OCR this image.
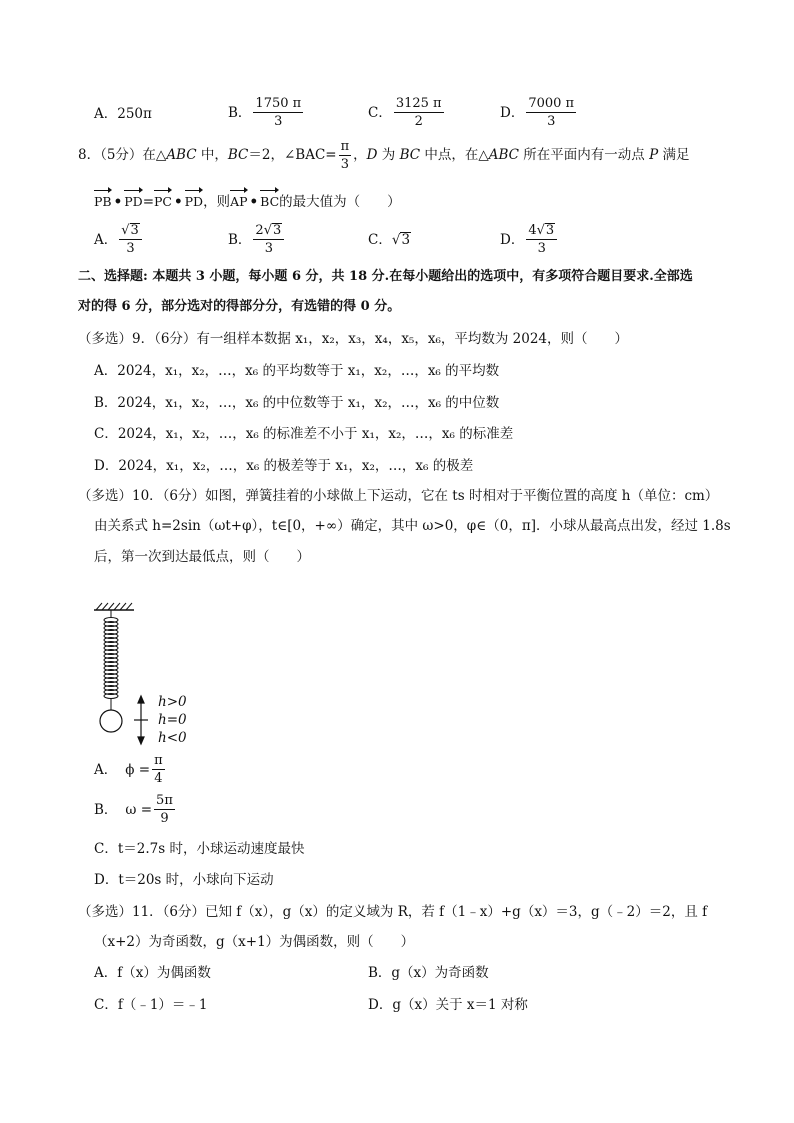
A．250π	B． $\frac{1750 \pi}{3}$	C． $\frac{3125 \pi}{2}$	D． $\frac{7000 \pi}{3}$
8．（5分）在△ABC 中，BC＝2，∠BAC= $\frac{\pi}{3}$ ，D 为 BC 中点，在△ABC 所在平面内有一动点 P 满足
PB • PD=PC • PD，则AP • BC的最大值为（　　）
A． $\frac{√3}{3}$	B． $\frac{2√3}{3}$	C．√3	D． $\frac{4√3}{3}$
二、选择题: 本题共 3 小题，每小题 6 分，共 18 分.在每小题给出的选项中，有多项符合题目要求.全部选
对的得 6 分，部分选对的得部分分，有选错的得 0 分。
（多选）9．（6分）有一组样本数据 x₁，x₂，x₃，x₄，x₅，x₆，平均数为 2024，则（　　）
A．2024，x₁，x₂，…，x₆ 的平均数等于 x₁，x₂，…，x₆ 的平均数
B．2024，x₁，x₂，…，x₆ 的中位数等于 x₁，x₂，…，x₆ 的中位数
C．2024，x₁，x₂，…，x₆ 的标准差不小于 x₁，x₂，…，x₆ 的标准差
D．2024，x₁，x₂，…，x₆ 的极差等于 x₁，x₂，…，x₆ 的极差
（多选）10．（6分）如图，弹簧挂着的小球做上下运动，它在 ts 时相对于平衡位置的高度 h（单位：cm）
由关系式 h=2sin（ωt+φ），t∈[0，+∞）确定，其中 ω>0，φ∈（0，π]．小球从最高点出发，经过 1.8s
后，第一次到达最低点，则（　　）
h>0
h=0
h<0
A． $\phi = \frac{\pi}{4}$
B． $\omega = \frac{5\pi}{9}$
C．t＝2.7s 时，小球运动速度最快
D．t＝20s 时，小球向下运动
（多选）11．（6分）已知 f（x），g（x）的定义域为 R，若 f（1﹣x）+g（x）＝3，g（﹣2）＝2，且 f
（x+2）为奇函数，g（x+1）为偶函数，则（　　）
A．f（x）为偶函数	B．g（x）为奇函数
C．f（﹣1）＝﹣1	D．g（x）关于 x＝1 对称
